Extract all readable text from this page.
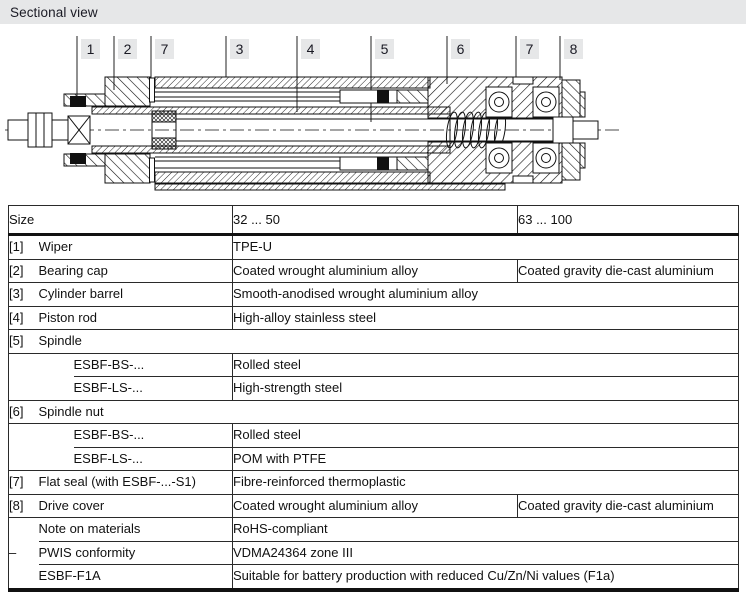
1 2 7	3	4	5	6	7	8
Sectional view
Size			32 ... 50	63 ... 100
[1]	Wiper		TPE-U	
[2]	Bearing cap		Coated wrought aluminium alloy	Coated gravity die-cast aluminium
[3]	Cylinder barrel		Smooth-anodised wrought aluminium alloy	
[4]	Piston rod		High-alloy stainless steel	
[5]	Spindle			
		ESBF-BS-...	Rolled steel	
		ESBF-LS-...	High-strength steel	
[6]	Spindle nut			
		ESBF-BS-...	Rolled steel	
		ESBF-LS-...	POM with PTFE	
[7]	Flat seal (with ESBF-...-S1)		Fibre-reinforced thermoplastic	
[8]	Drive cover		Coated wrought aluminium alloy	Coated gravity die-cast aluminium
–	Note on materials		RoHS-compliant	
	PWIS conformity		VDMA24364 zone III	
	ESBF-F1A		Suitable for battery production with reduced Cu/Zn/Ni values (F1a)	
